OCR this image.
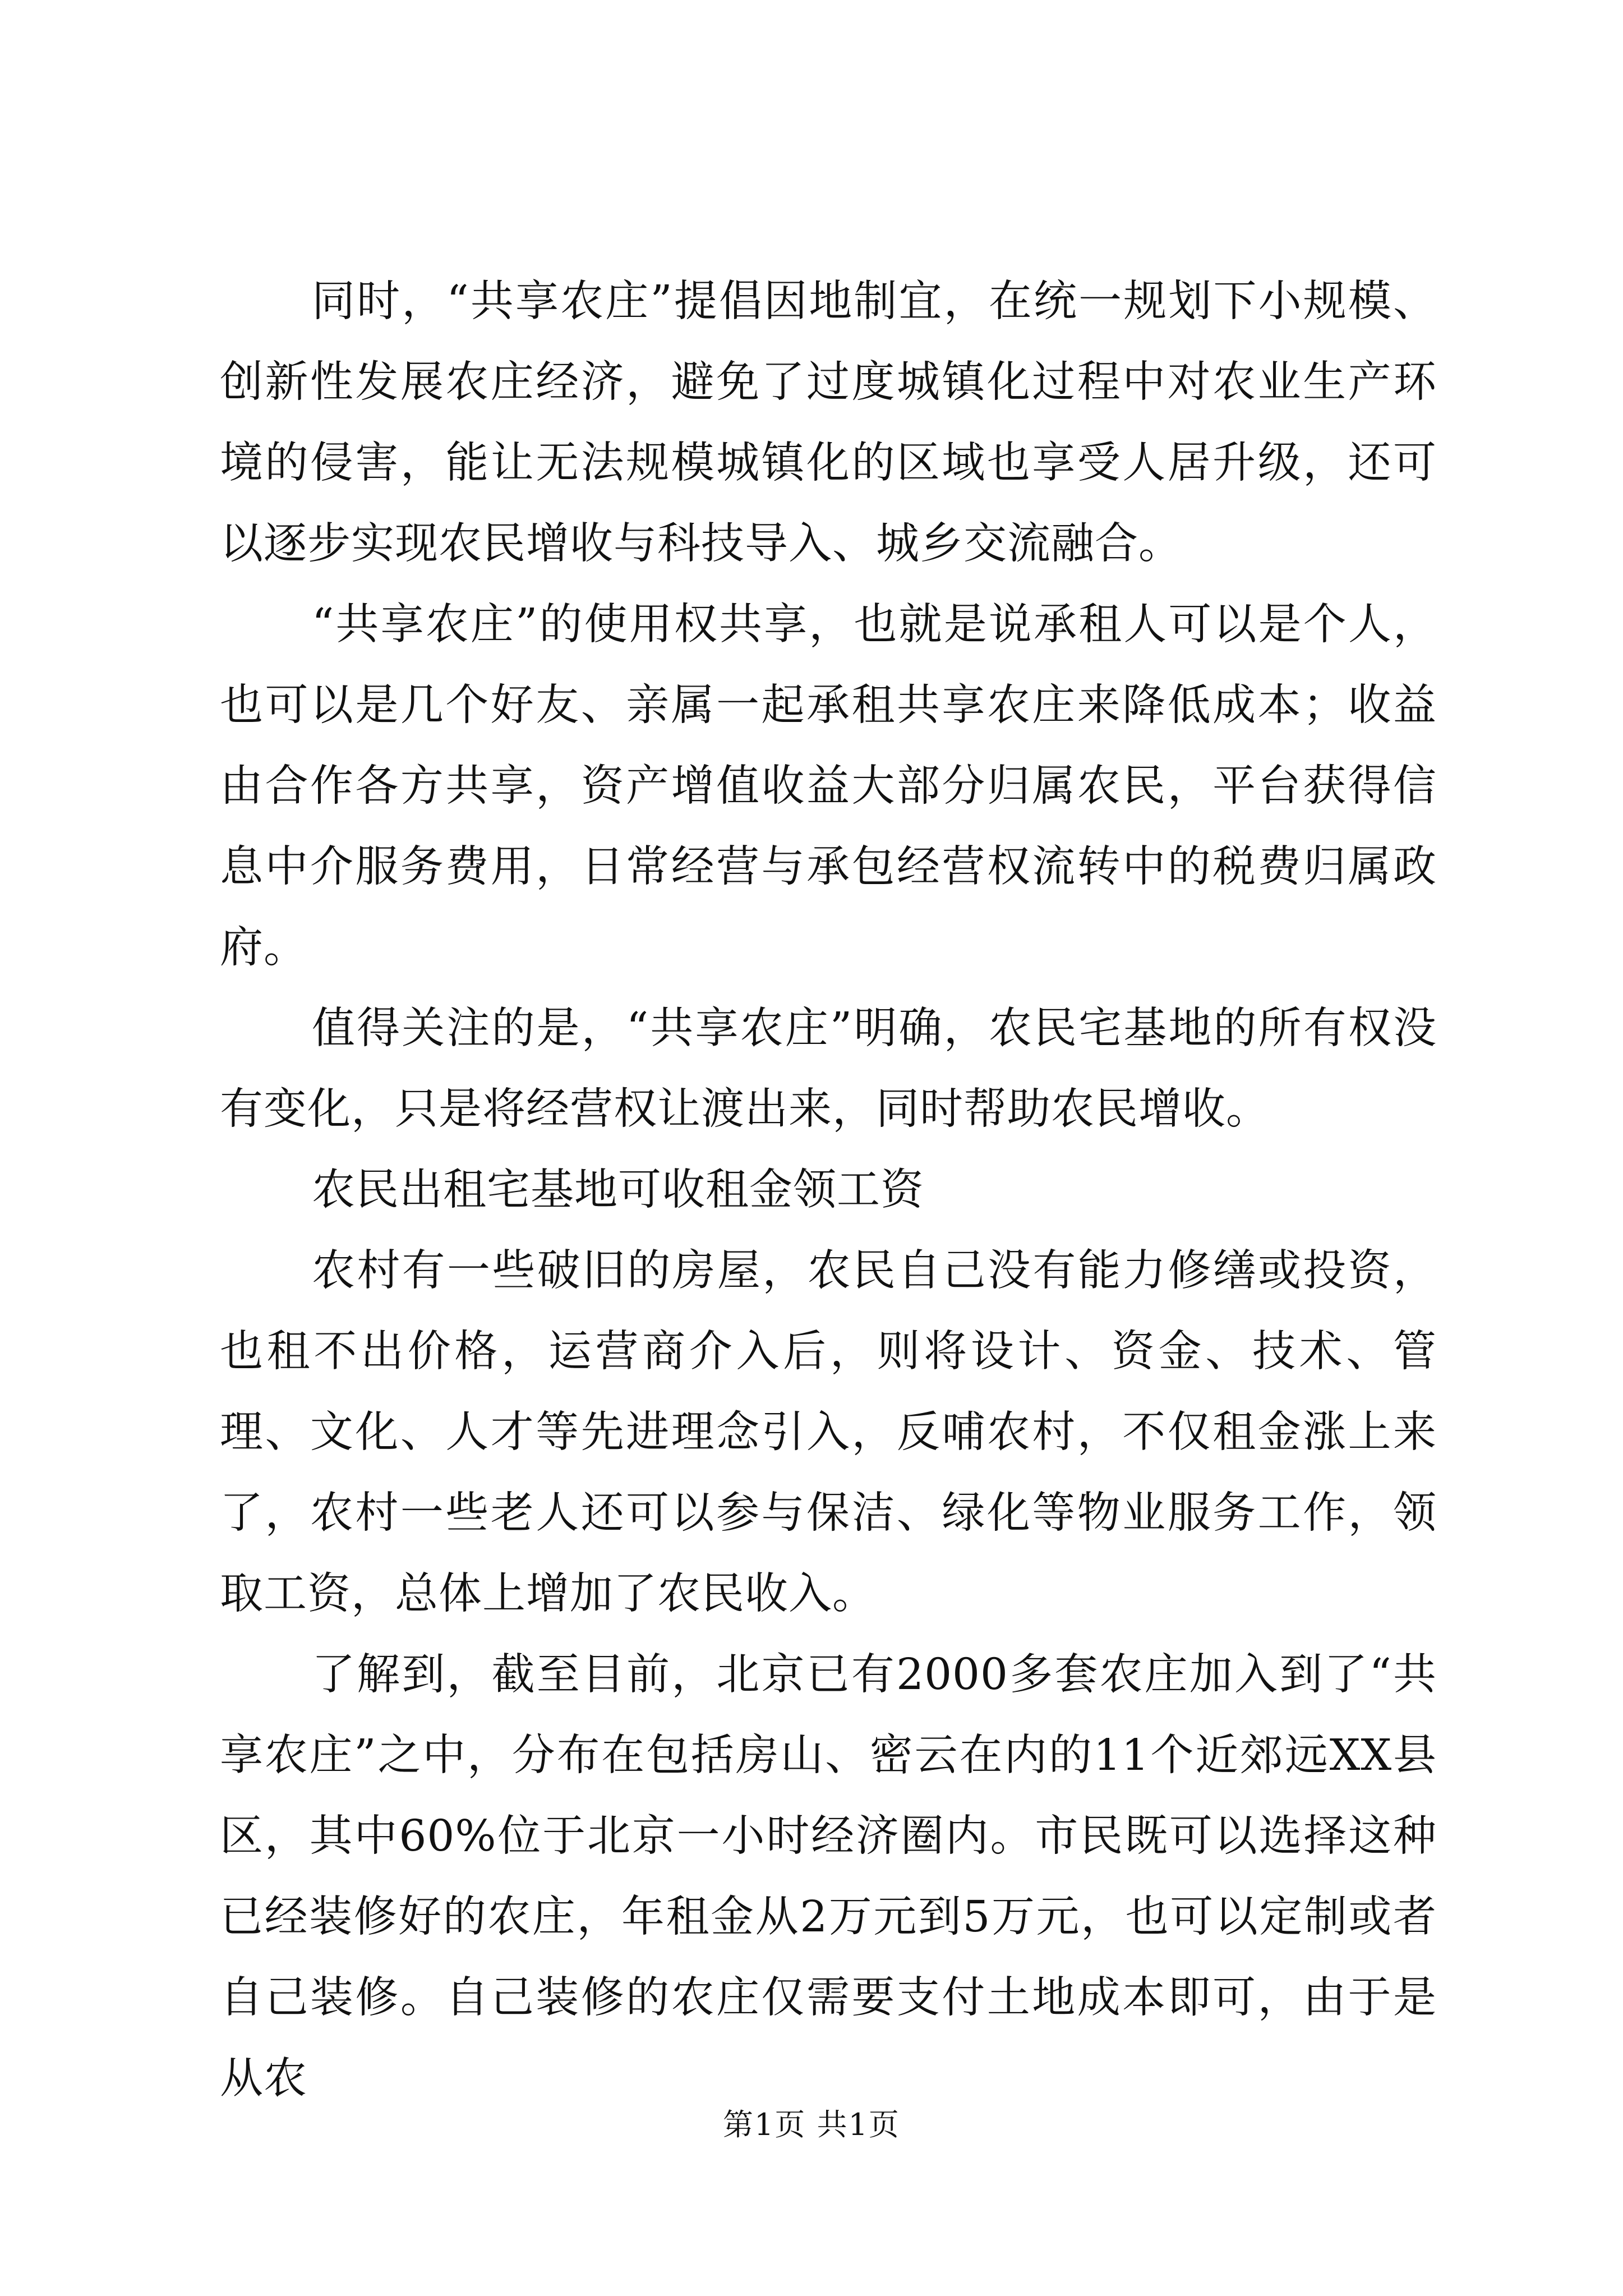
同时，“共享农庄”提倡因地制宜，在统一规划下小规模、创新性发展农庄经济，避免了过度城镇化过程中对农业生产环境的侵害，能让无法规模城镇化的区域也享受人居升级，还可以逐步实现农民增收与科技导入、城乡交流融合。

“共享农庄”的使用权共享，也就是说承租人可以是个人，也可以是几个好友、亲属一起承租共享农庄来降低成本；收益由合作各方共享，资产增值收益大部分归属农民，平台获得信息中介服务费用，日常经营与承包经营权流转中的税费归属政府。

值得关注的是，“共享农庄”明确，农民宅基地的所有权没有变化，只是将经营权让渡出来，同时帮助农民增收。

农民出租宅基地可收租金领工资

农村有一些破旧的房屋，农民自己没有能力修缮或投资，也租不出价格，运营商介入后，则将设计、资金、技术、管理、文化、人才等先进理念引入，反哺农村，不仅租金涨上来了，农村一些老人还可以参与保洁、绿化等物业服务工作，领取工资，总体上增加了农民收入。

了解到，截至目前，北京已有2000多套农庄加入到了“共享农庄”之中，分布在包括房山、密云在内的11个近郊远XX县区，其中60%位于北京一小时经济圈内。市民既可以选择这种已经装修好的农庄，年租金从2万元到5万元，也可以定制或者自己装修。自己装修的农庄仅需要支付土地成本即可，由于是从农

第1页 共1页
